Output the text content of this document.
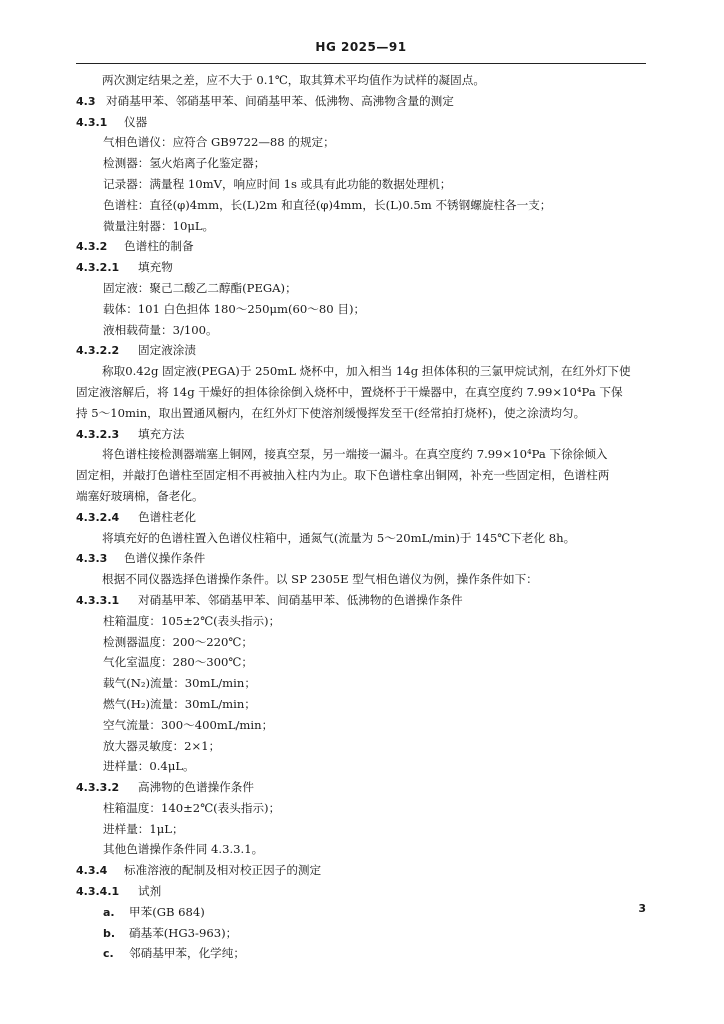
HG 2025—91
两次测定结果之差，应不大于 0.1℃，取其算术平均值作为试样的凝固点。
4.3 对硝基甲苯、邻硝基甲苯、间硝基甲苯、低沸物、高沸物含量的测定
4.3.1 仪器
气相色谱仪：应符合 GB9722—88 的规定；
检测器：氢火焰离子化鉴定器；
记录器：满量程 10mV，响应时间 1s 或具有此功能的数据处理机；
色谱柱：直径(φ)4mm，长(L)2m 和直径(φ)4mm，长(L)0.5m 不锈钢螺旋柱各一支；
微量注射器：10μL。
4.3.2 色谱柱的制备
4.3.2.1 填充物
固定液：聚己二酸乙二醇酯(PEGA)；
载体：101 白色担体 180～250μm(60～80 目)；
液相载荷量：3/100。
4.3.2.2 固定液涂渍
称取0.42g 固定液(PEGA)于 250mL 烧杯中，加入相当 14g 担体体积的三氯甲烷试剂，在红外灯下使
固定液溶解后，将 14g 干燥好的担体徐徐倒入烧杯中，置烧杯于干燥器中，在真空度约 7.99×10⁴Pa 下保
持 5～10min，取出置通风橱内，在红外灯下使溶剂缓慢挥发至干(经常拍打烧杯)，使之涂渍均匀。
4.3.2.3 填充方法
将色谱柱接检测器端塞上铜网，接真空泵，另一端接一漏斗。在真空度约 7.99×10⁴Pa 下徐徐倾入
固定相，并敲打色谱柱至固定相不再被抽入柱内为止。取下色谱柱拿出铜网，补充一些固定相，色谱柱两
端塞好玻璃棉，备老化。
4.3.2.4 色谱柱老化
将填充好的色谱柱置入色谱仪柱箱中，通氮气(流量为 5～20mL/min)于 145℃下老化 8h。
4.3.3 色谱仪操作条件
根据不同仪器选择色谱操作条件。以 SP 2305E 型气相色谱仪为例，操作条件如下：
4.3.3.1 对硝基甲苯、邻硝基甲苯、间硝基甲苯、低沸物的色谱操作条件
柱箱温度：105±2℃(表头指示)；
检测器温度：200～220℃；
气化室温度：280～300℃；
载气(N₂)流量：30mL/min；
燃气(H₂)流量：30mL/min；
空气流量：300～400mL/min；
放大器灵敏度：2×1；
进样量：0.4μL。
4.3.3.2 高沸物的色谱操作条件
柱箱温度：140±2℃(表头指示)；
进样量：1μL；
其他色谱操作条件同 4.3.3.1。
4.3.4 标准溶液的配制及相对校正因子的测定
4.3.4.1 试剂
a. 甲苯(GB 684)
b. 硝基苯(HG3-963)；
c. 邻硝基甲苯，化学纯；
3
